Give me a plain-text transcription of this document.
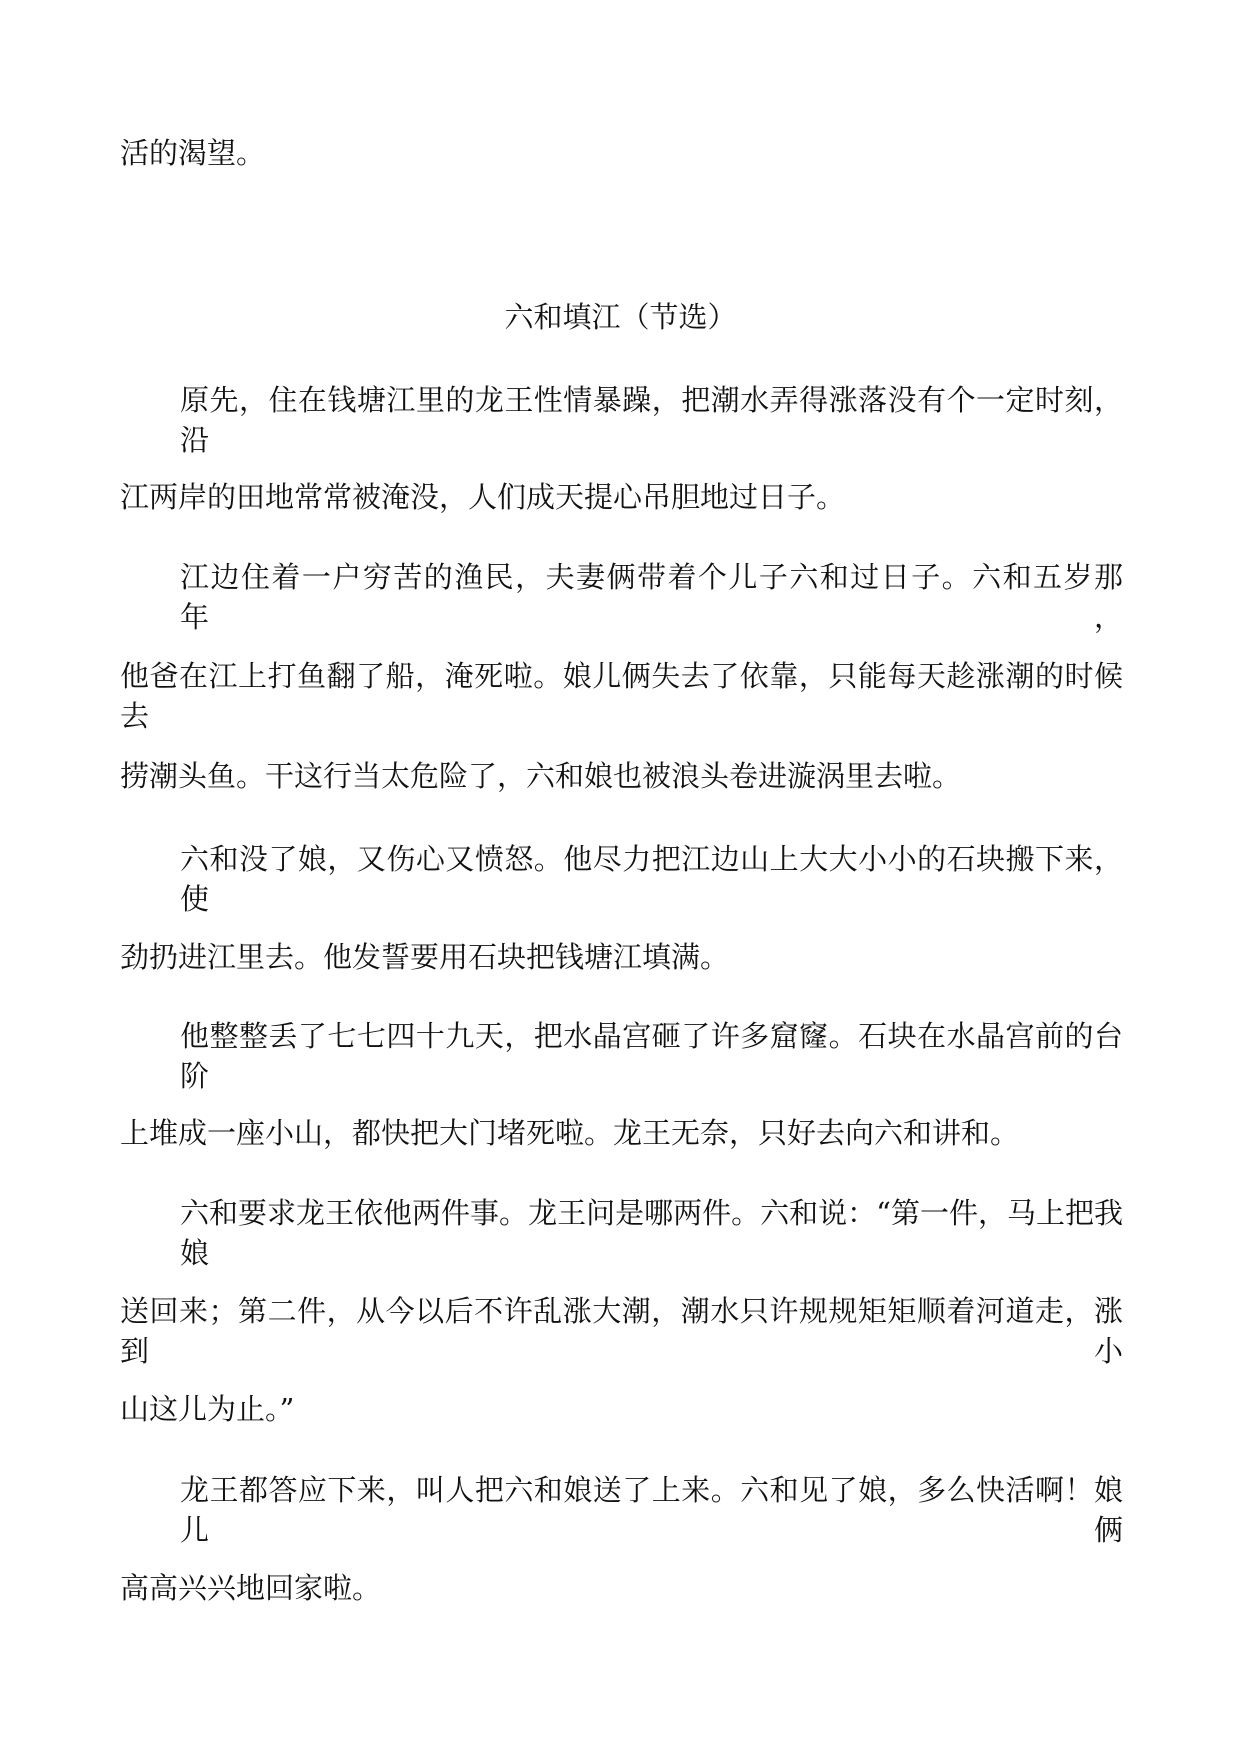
活的渴望。
六和填江（节选）
原先，住在钱塘江里的龙王性情暴躁，把潮水弄得涨落没有个一定时刻，沿
江两岸的田地常常被淹没，人们成天提心吊胆地过日子。
江边住着一户穷苦的渔民，夫妻俩带着个儿子六和过日子。六和五岁那年，
他爸在江上打鱼翻了船，淹死啦。娘儿俩失去了依靠，只能每天趁涨潮的时候去
捞潮头鱼。干这行当太危险了，六和娘也被浪头卷进漩涡里去啦。
六和没了娘，又伤心又愤怒。他尽力把江边山上大大小小的石块搬下来，使
劲扔进江里去。他发誓要用石块把钱塘江填满。
他整整丢了七七四十九天，把水晶宫砸了许多窟窿。石块在水晶宫前的台阶
上堆成一座小山，都快把大门堵死啦。龙王无奈，只好去向六和讲和。
六和要求龙王依他两件事。龙王问是哪两件。六和说：“第一件，马上把我娘
送回来；第二件，从今以后不许乱涨大潮，潮水只许规规矩矩顺着河道走，涨到小
山这儿为止。”
龙王都答应下来，叫人把六和娘送了上来。六和见了娘，多么快活啊！娘儿俩
高高兴兴地回家啦。
